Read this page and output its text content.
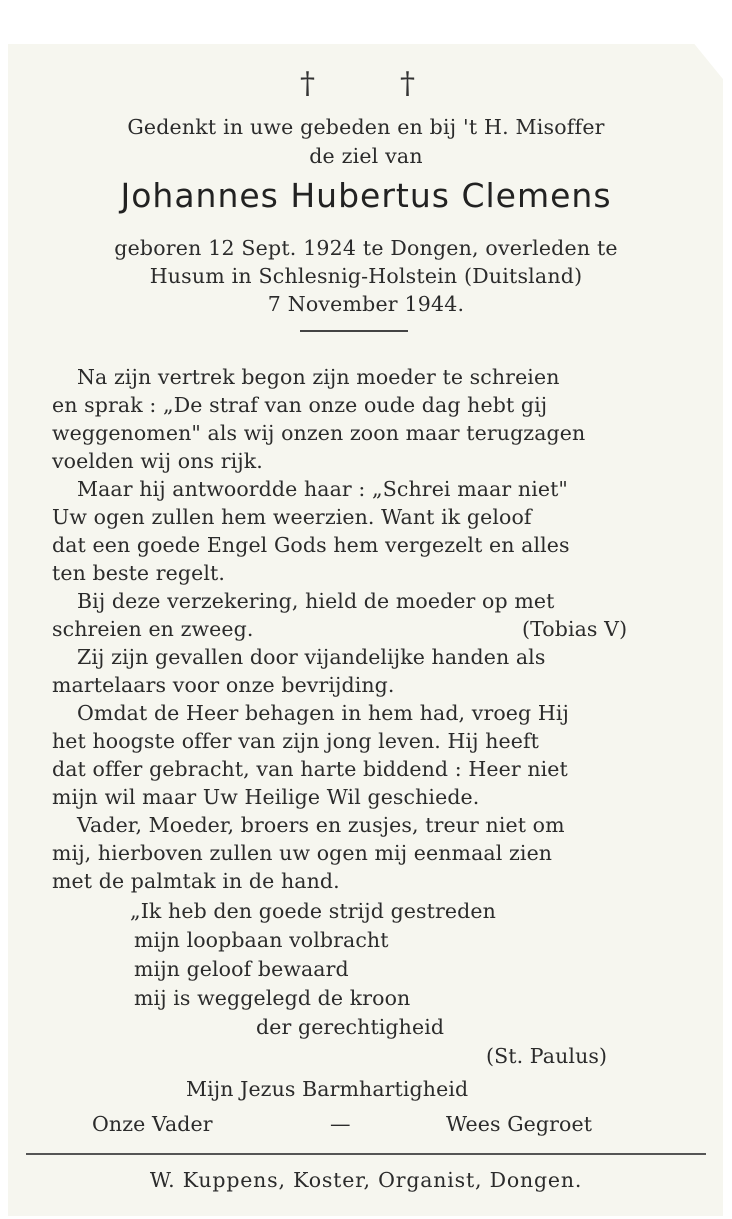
†	†
Gedenkt in uwe gebeden en bij 't H. Misoffer
de ziel van
Johannes Hubertus Clemens
geboren 12 Sept. 1924 te Dongen, overleden te
Husum in Schlesnig-Holstein (Duitsland)
7 November 1944.
Na zijn vertrek begon zijn moeder te schreien
en sprak : „De straf van onze oude dag hebt gij
weggenomen" als wij onzen zoon maar terugzagen
voelden wij ons rijk.
Maar hij antwoordde haar : „Schrei maar niet"
Uw ogen zullen hem weerzien. Want ik geloof
dat een goede Engel Gods hem vergezelt en alles
ten beste regelt.
Bij deze verzekering, hield de moeder op met
schreien en zweeg.	(Tobias V)
Zij zijn gevallen door vijandelijke handen als
martelaars voor onze bevrijding.
Omdat de Heer behagen in hem had, vroeg Hij
het hoogste offer van zijn jong leven. Hij heeft
dat offer gebracht, van harte biddend : Heer niet
mijn wil maar Uw Heilige Wil geschiede.
Vader, Moeder, broers en zusjes, treur niet om
mij, hierboven zullen uw ogen mij eenmaal zien
met de palmtak in de hand.
„Ik heb den goede strijd gestreden
mijn loopbaan volbracht
mijn geloof bewaard
mij is weggelegd de kroon
der gerechtigheid
(St. Paulus)
Mijn Jezus Barmhartigheid
Onze Vader	—	Wees Gegroet
W. Kuppens, Koster, Organist, Dongen.
